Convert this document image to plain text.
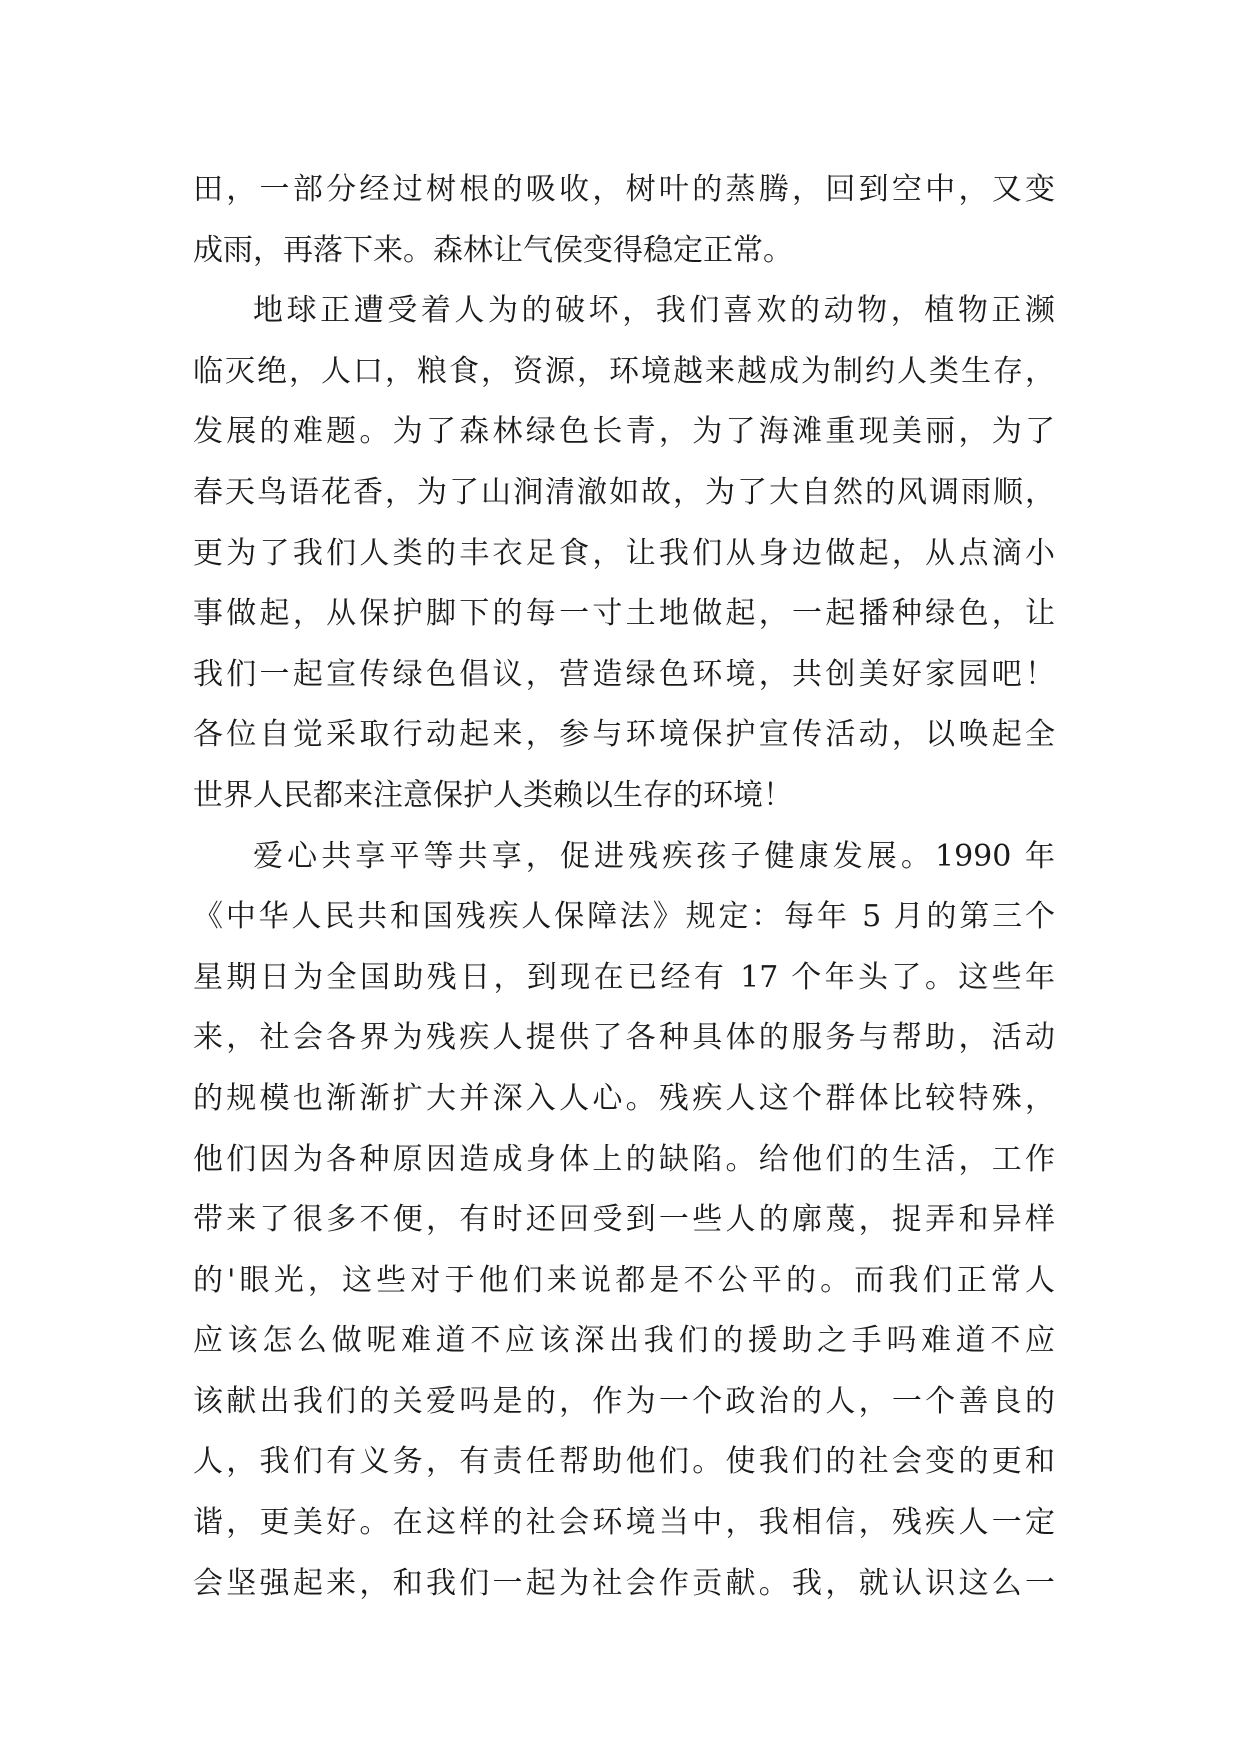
田，一部分经过树根的吸收，树叶的蒸腾，回到空中，又变
成雨，再落下来。森林让气侯变得稳定正常。
地球正遭受着人为的破坏，我们喜欢的动物，植物正濒
临灭绝，人口，粮食，资源，环境越来越成为制约人类生存，
发展的难题。为了森林绿色长青，为了海滩重现美丽，为了
春天鸟语花香，为了山涧清澈如故，为了大自然的风调雨顺，
更为了我们人类的丰衣足食，让我们从身边做起，从点滴小
事做起，从保护脚下的每一寸土地做起，一起播种绿色，让
我们一起宣传绿色倡议，营造绿色环境，共创美好家园吧！
各位自觉采取行动起来，参与环境保护宣传活动，以唤起全
世界人民都来注意保护人类赖以生存的环境！
爱心共享平等共享，促进残疾孩子健康发展。1990 年
《中华人民共和国残疾人保障法》规定：每年 5 月的第三个
星期日为全国助残日，到现在已经有 17 个年头了。这些年
来，社会各界为残疾人提供了各种具体的服务与帮助，活动
的规模也渐渐扩大并深入人心。残疾人这个群体比较特殊，
他们因为各种原因造成身体上的缺陷。给他们的生活，工作
带来了很多不便，有时还回受到一些人的廓蔑，捉弄和异样
的'眼光，这些对于他们来说都是不公平的。而我们正常人
应该怎么做呢难道不应该深出我们的援助之手吗难道不应
该献出我们的关爱吗是的，作为一个政治的人，一个善良的
人，我们有义务，有责任帮助他们。使我们的社会变的更和
谐，更美好。在这样的社会环境当中，我相信，残疾人一定
会坚强起来，和我们一起为社会作贡献。我，就认识这么一
